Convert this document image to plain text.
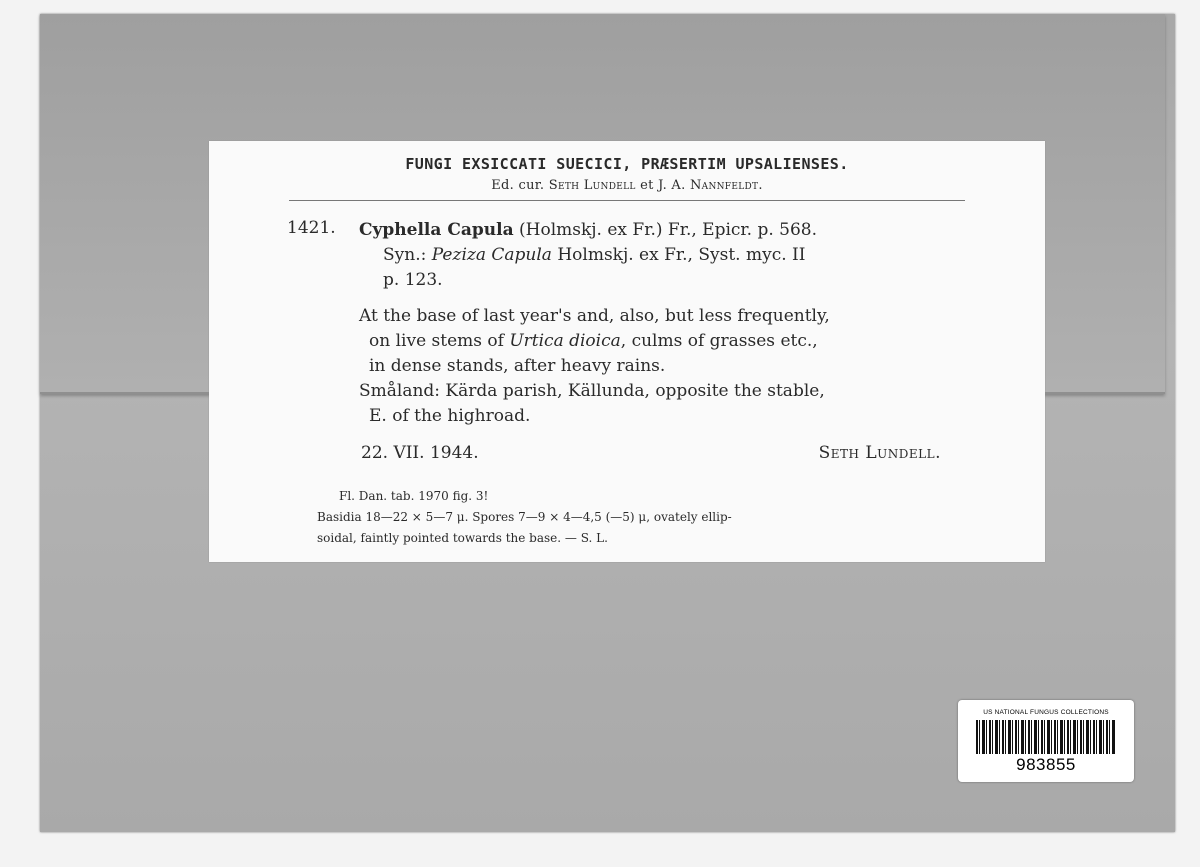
FUNGI EXSICCATI SUECICI, PRÆSERTIM UPSALIENSES.
Ed. cur. Seth Lundell et J. A. Nannfeldt.
1421. Cyphella Capula (Holmskj. ex Fr.) Fr., Epicr. p. 568.
Syn.: Peziza Capula Holmskj. ex Fr., Syst. myc. II
p. 123.
At the base of last year's and, also, but less frequently,
on live stems of Urtica dioica, culms of grasses etc.,
in dense stands, after heavy rains.
Småland: Kärda parish, Källunda, opposite the stable,
E. of the highroad.
22. VII. 1944.	Seth Lundell.
Fl. Dan. tab. 1970 fig. 3!
Basidia 18—22 × 5—7 μ. Spores 7—9 × 4—4,5 (—5) μ, ovately ellip-
soidal, faintly pointed towards the base. — S. L.
US NATIONAL FUNGUS COLLECTIONS
983855
